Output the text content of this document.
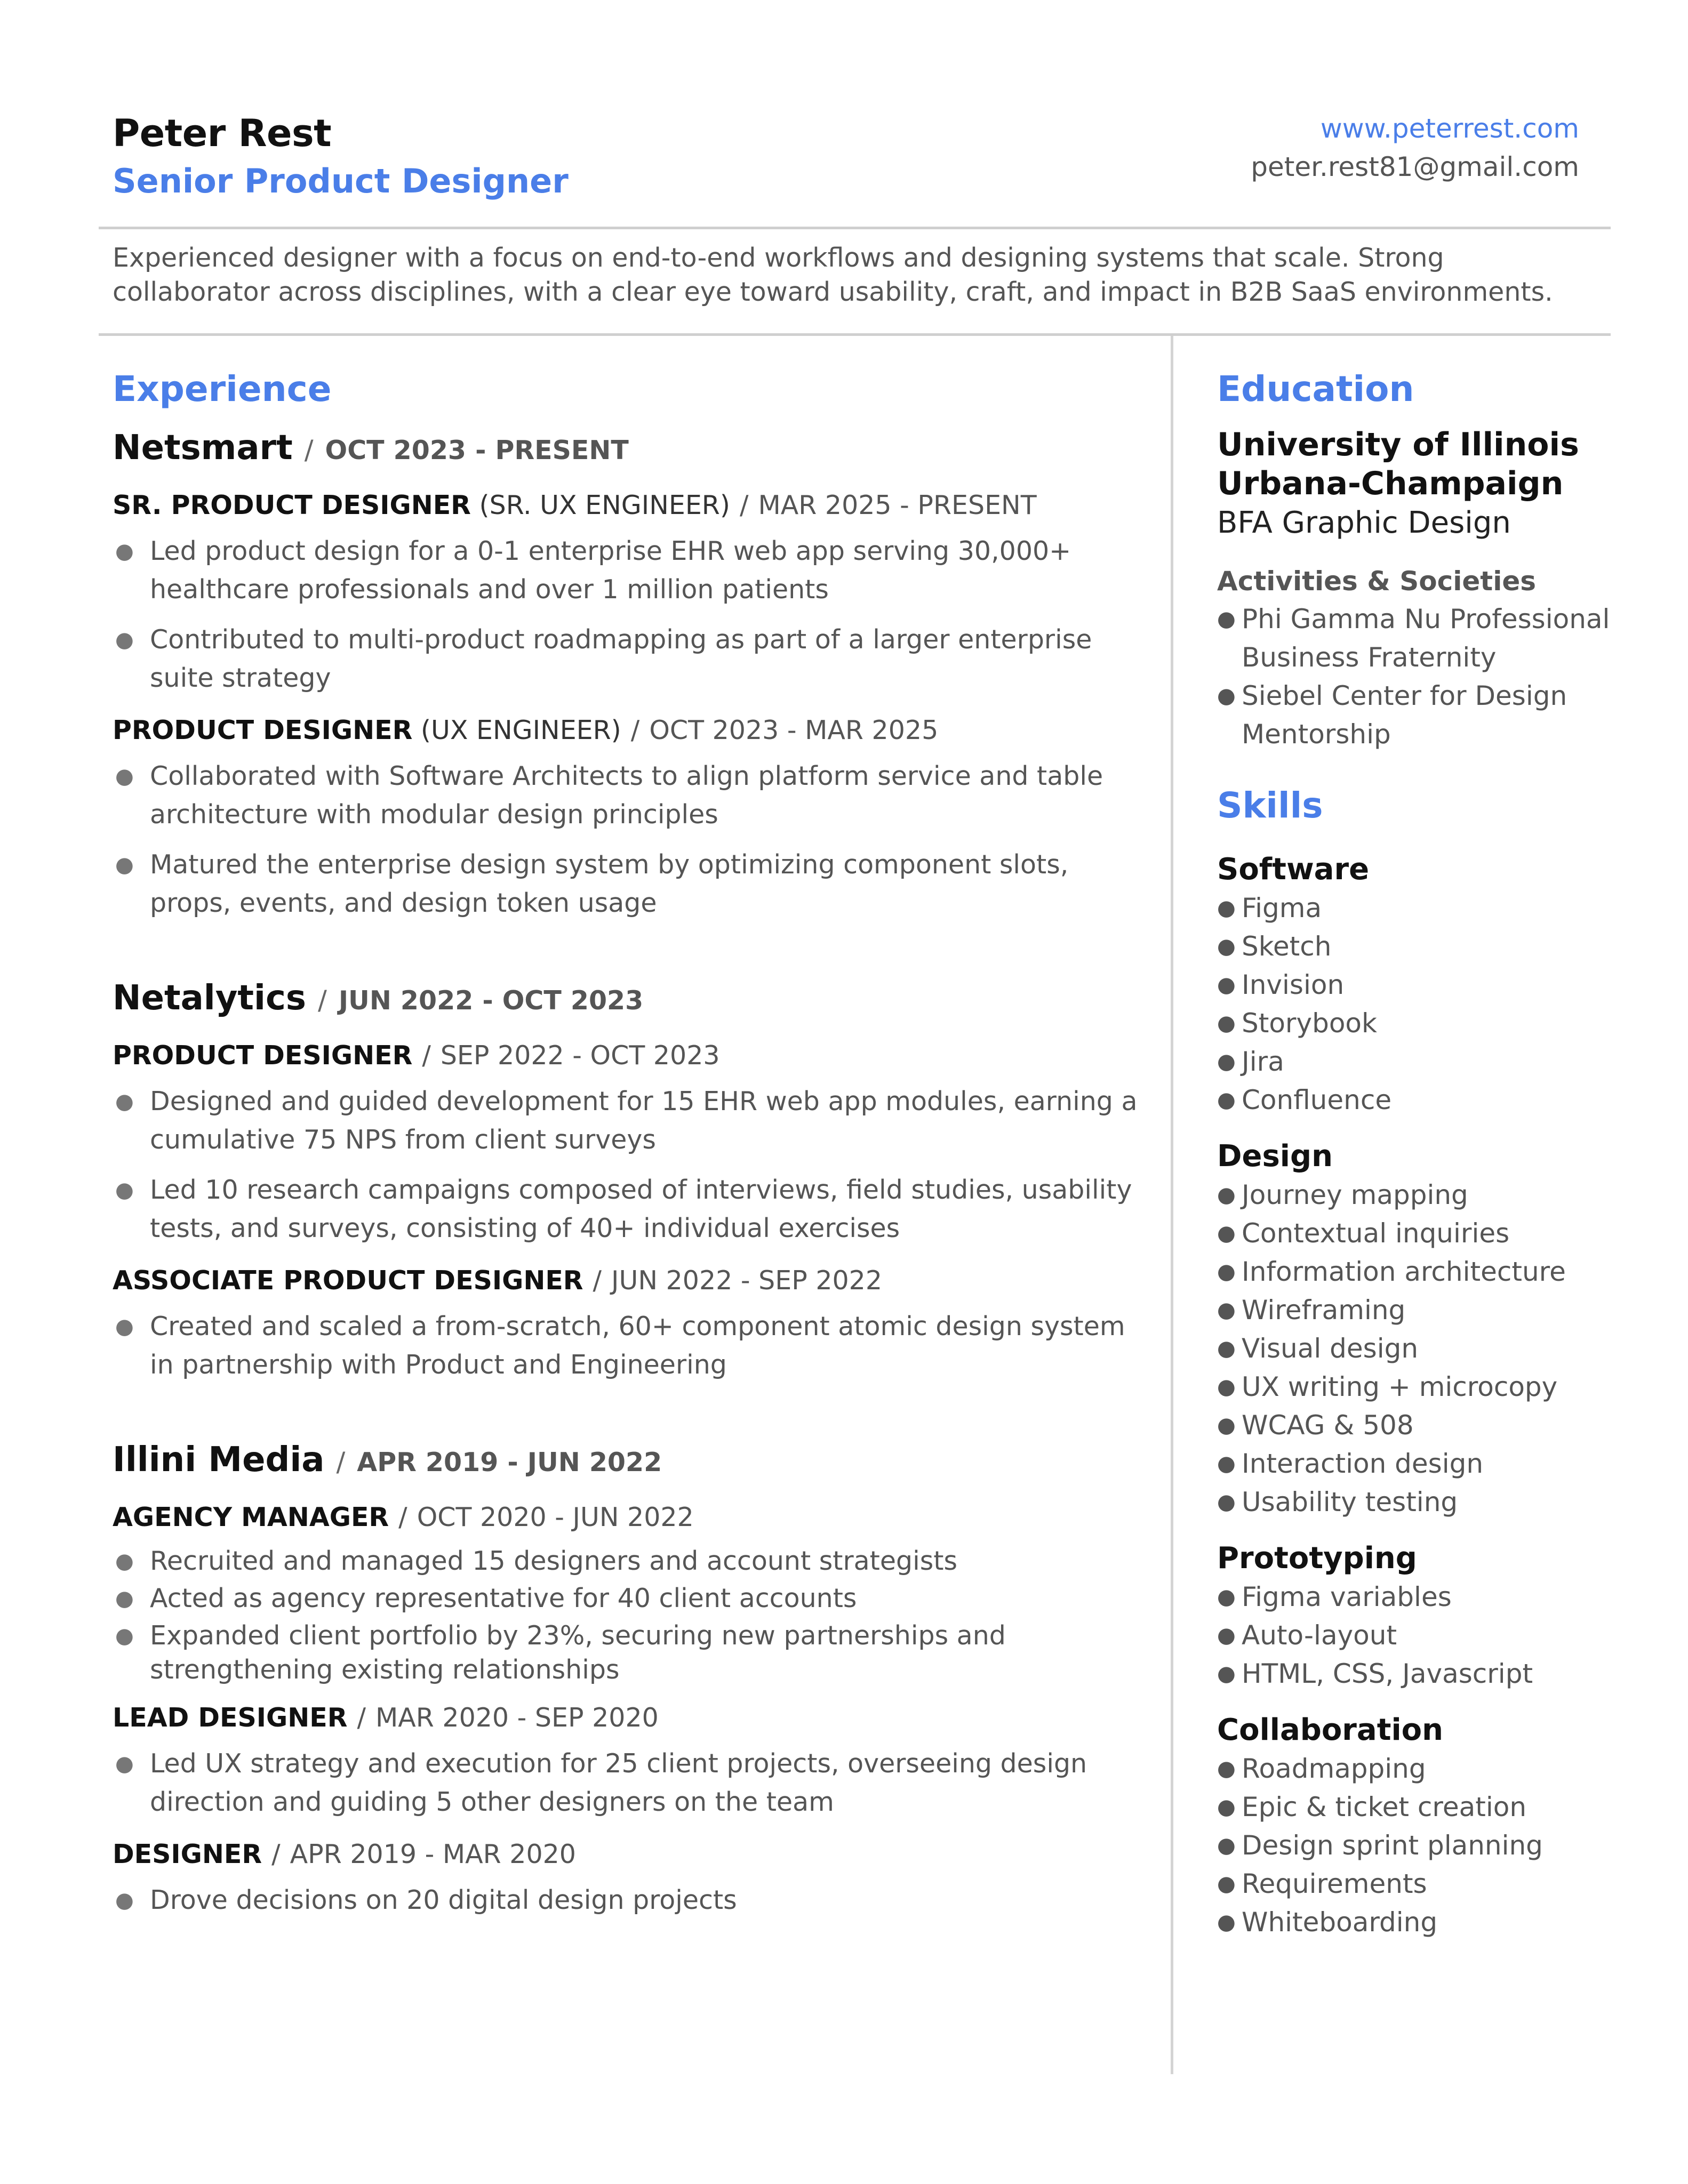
Peter Rest
Senior Product Designer
www.peterrest.com
peter.rest81@gmail.com
Experienced designer with a focus on end-to-end workflows and designing systems that scale. Strong collaborator across disciplines, with a clear eye toward usability, craft, and impact in B2B SaaS environments.
Experience
Netsmart / OCT 2023 - PRESENT
SR. PRODUCT DESIGNER (SR. UX ENGINEER) / MAR 2025 - PRESENT
● Led product design for a 0-1 enterprise EHR web app serving 30,000+ healthcare professionals and over 1 million patients
● Contributed to multi-product roadmapping as part of a larger enterprise suite strategy
PRODUCT DESIGNER (UX ENGINEER) / OCT 2023 - MAR 2025
● Collaborated with Software Architects to align platform service and table architecture with modular design principles
● Matured the enterprise design system by optimizing component slots, props, events, and design token usage
Netalytics / JUN 2022 - OCT 2023
PRODUCT DESIGNER / SEP 2022 - OCT 2023
● Designed and guided development for 15 EHR web app modules, earning a cumulative 75 NPS from client surveys
● Led 10 research campaigns composed of interviews, field studies, usability tests, and surveys, consisting of 40+ individual exercises
ASSOCIATE PRODUCT DESIGNER / JUN 2022 - SEP 2022
● Created and scaled a from-scratch, 60+ component atomic design system in partnership with Product and Engineering
Illini Media / APR 2019 - JUN 2022
AGENCY MANAGER / OCT 2020 - JUN 2022
● Recruited and managed 15 designers and account strategists
● Acted as agency representative for 40 client accounts
● Expanded client portfolio by 23%, securing new partnerships and strengthening existing relationships
LEAD DESIGNER / MAR 2020 - SEP 2020
● Led UX strategy and execution for 25 client projects, overseeing design direction and guiding 5 other designers on the team
DESIGNER / APR 2019 - MAR 2020
● Drove decisions on 20 digital design projects
Education
University of Illinois
Urbana-Champaign
BFA Graphic Design
Activities & Societies
● Phi Gamma Nu Professional Business Fraternity
● Siebel Center for Design Mentorship
Skills
Software
● Figma
● Sketch
● Invision
● Storybook
● Jira
● Confluence
Design
● Journey mapping
● Contextual inquiries
● Information architecture
● Wireframing
● Visual design
● UX writing + microcopy
● WCAG & 508
● Interaction design
● Usability testing
Prototyping
● Figma variables
● Auto-layout
● HTML, CSS, Javascript
Collaboration
● Roadmapping
● Epic & ticket creation
● Design sprint planning
● Requirements
● Whiteboarding
